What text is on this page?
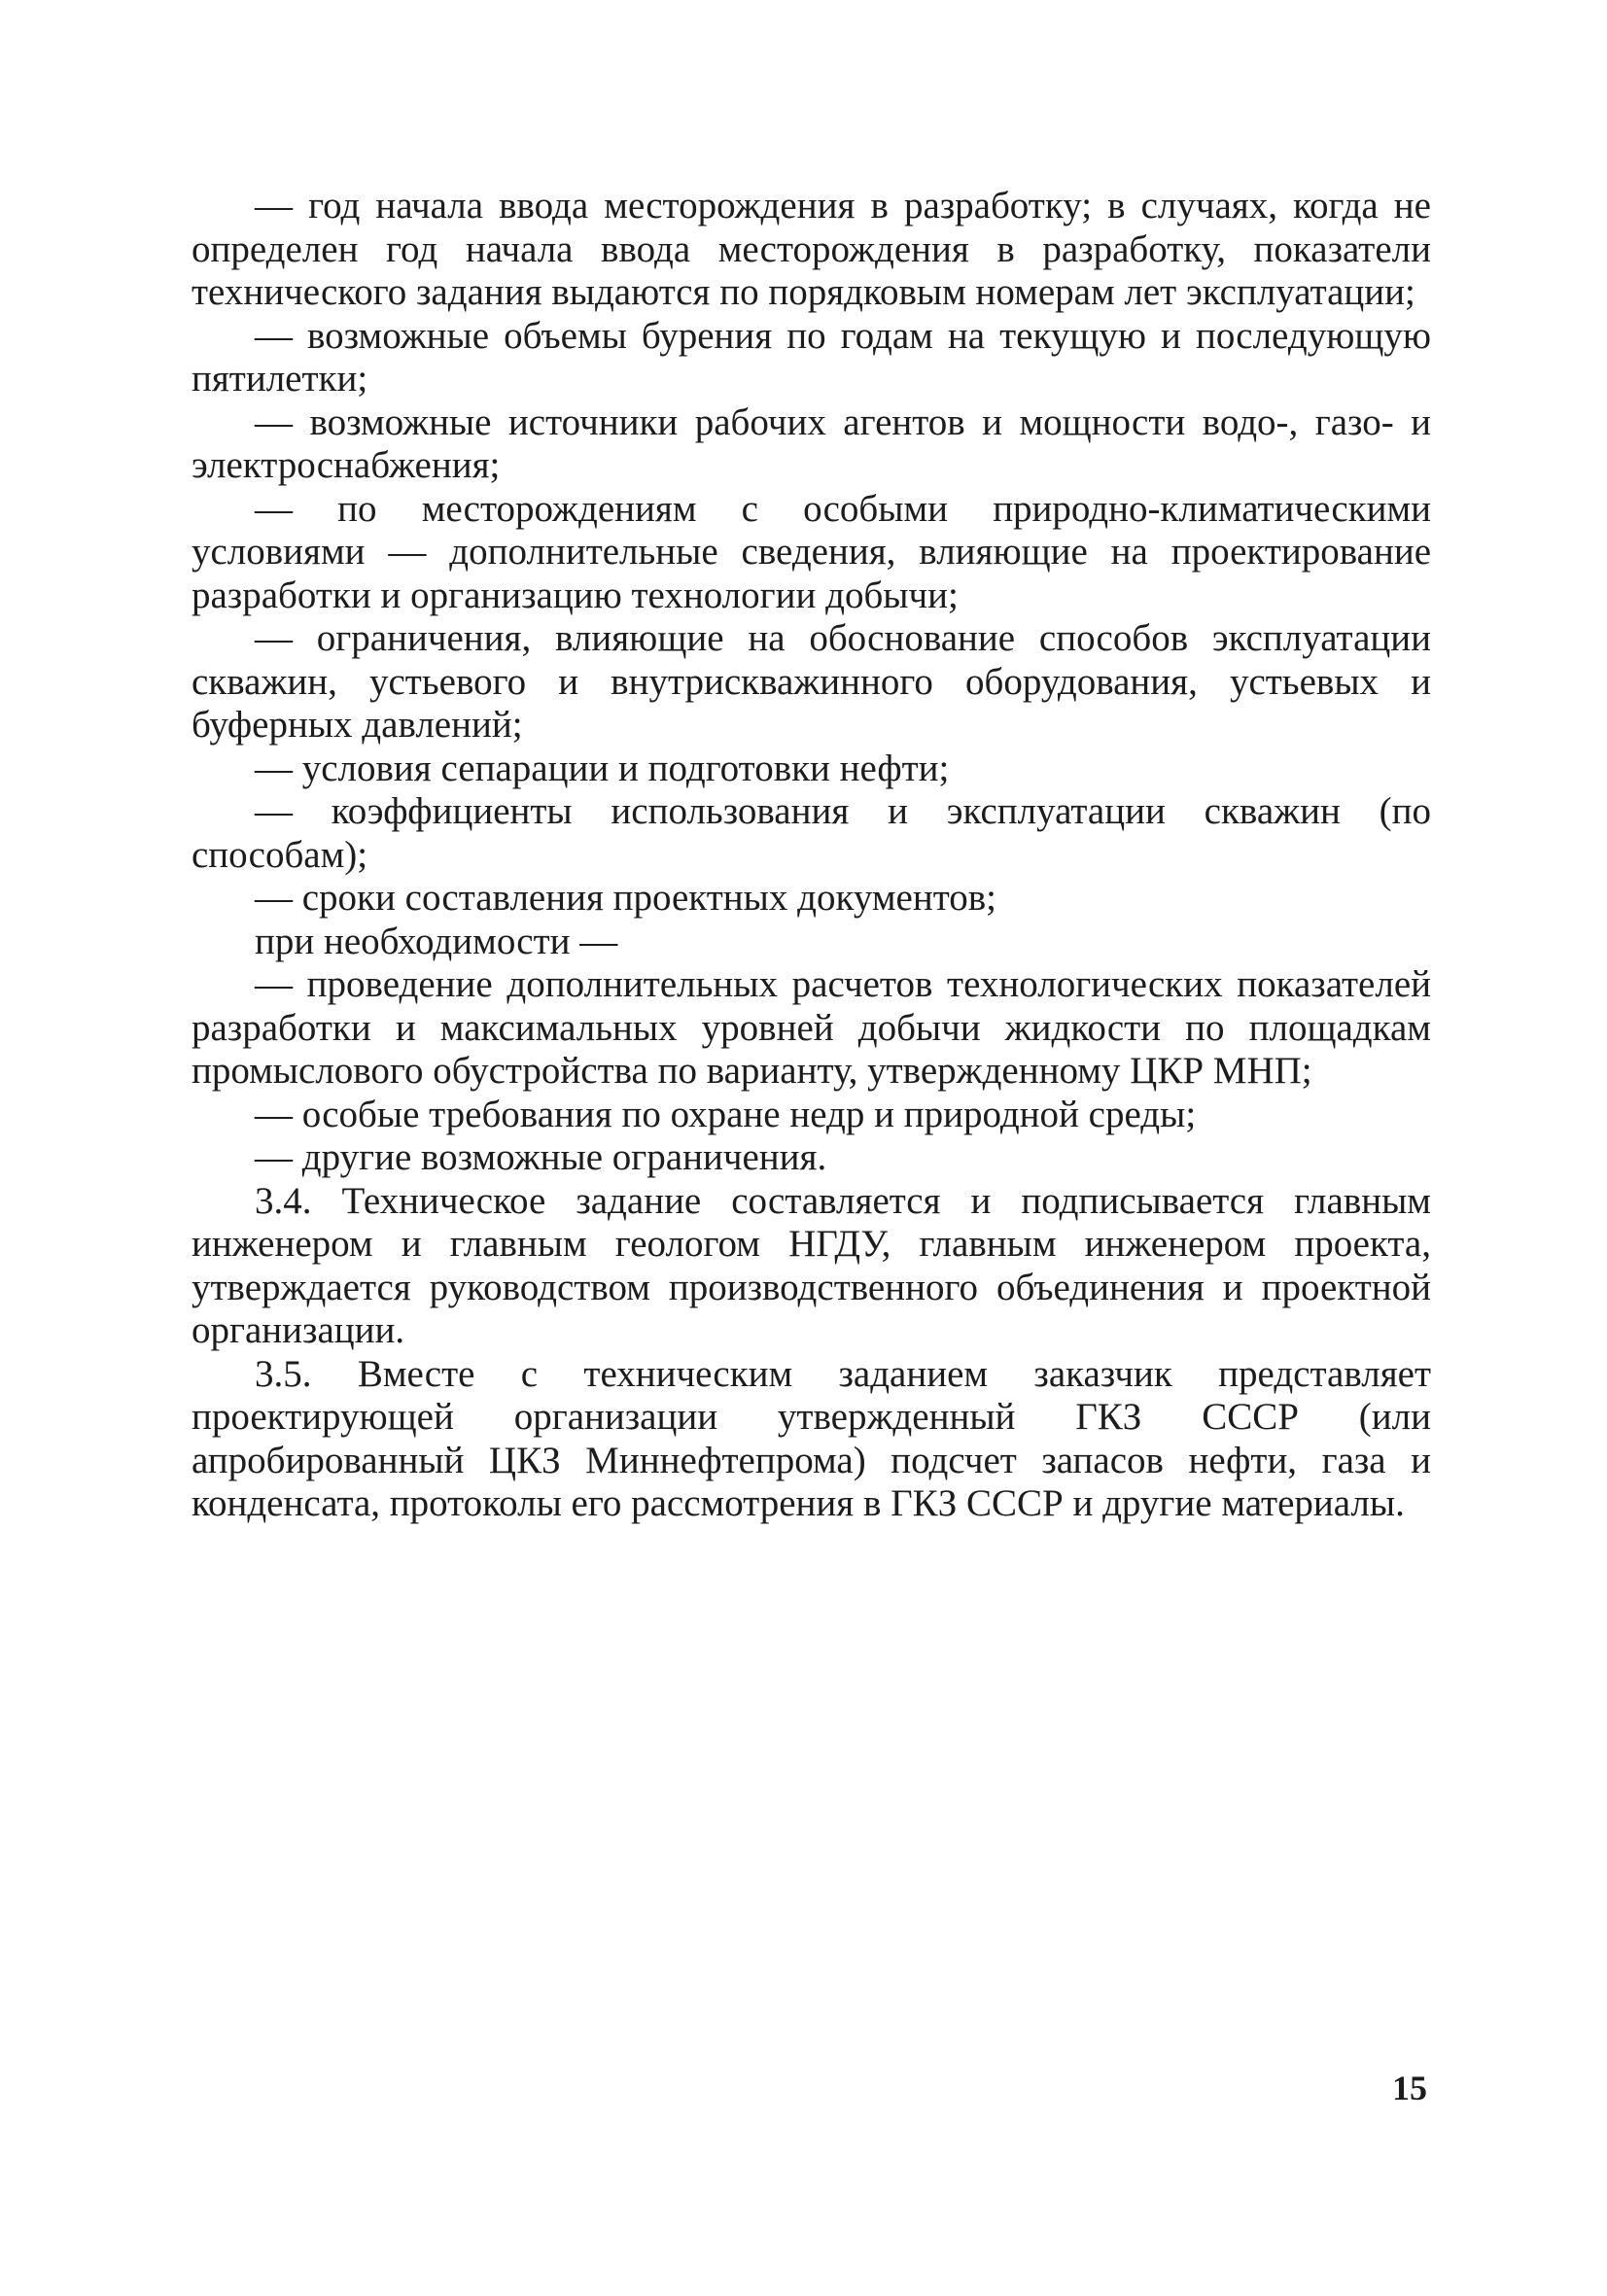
— год начала ввода месторождения в разработку; в случаях, когда не определен год начала ввода месторождения в разработку, показатели технического задания выдаются по порядковым номерам лет эксплуатации;

— возможные объемы бурения по годам на текущую и последующую пятилетки;

— возможные источники рабочих агентов и мощности водо-, газо- и электроснабжения;

— по месторождениям с особыми природно-климатическими условиями — дополнительные сведения, влияющие на проектирование разработки и организацию технологии добычи;

— ограничения, влияющие на обоснование способов эксплуатации скважин, устьевого и внутрискважинного оборудования, устьевых и буферных давлений;

— условия сепарации и подготовки нефти;

— коэффициенты использования и эксплуатации скважин (по способам);

— сроки составления проектных документов;

при необходимости —

— проведение дополнительных расчетов технологических показателей разработки и максимальных уровней добычи жидкости по площадкам промыслового обустройства по варианту, утвержденному ЦКР МНП;

— особые требования по охране недр и природной среды;

— другие возможные ограничения.

3.4. Техническое задание составляется и подписывается главным инженером и главным геологом НГДУ, главным инженером проекта, утверждается руководством производственного объединения и проектной организации.

3.5. Вместе с техническим заданием заказчик представляет проектирующей организации утвержденный ГКЗ СССР (или апробированный ЦКЗ Миннефтепрома) подсчет запасов нефти, газа и конденсата, протоколы его рассмотрения в ГКЗ СССР и другие материалы.

15
